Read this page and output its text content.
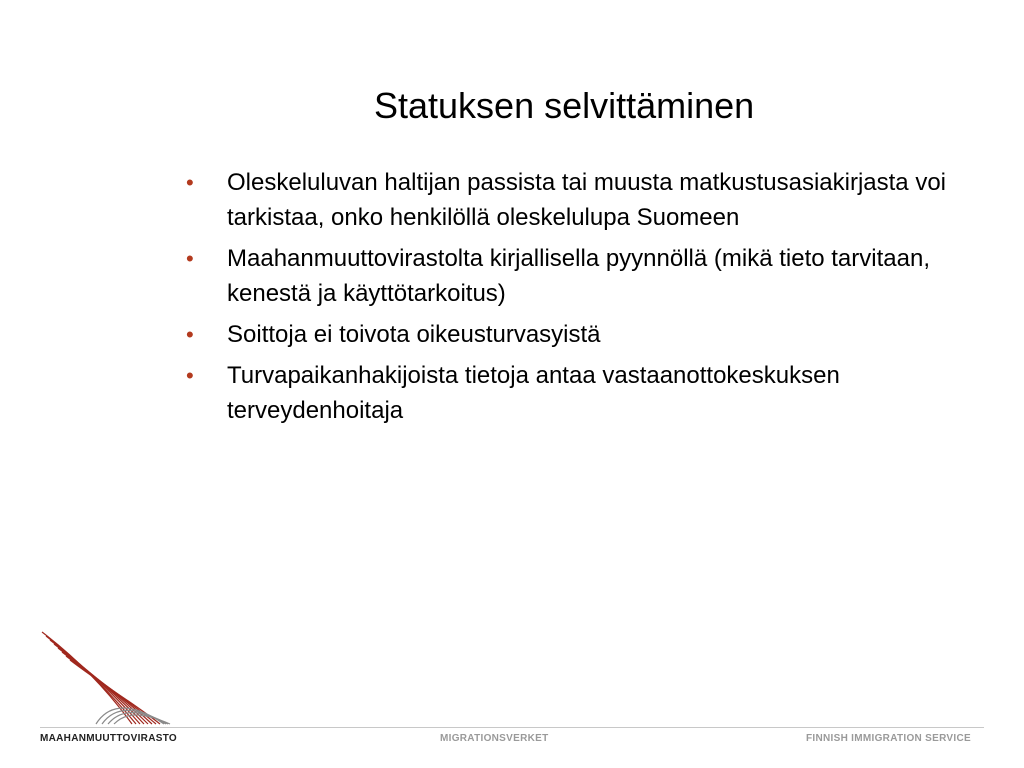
Statuksen selvittäminen
•	Oleskeluluvan haltijan passista tai muusta matkustusasiakirjasta voi tarkistaa, onko henkilöllä oleskelulupa Suomeen
•	Maahanmuuttovirastolta kirjallisella pyynnöllä (mikä tieto tarvitaan, kenestä ja käyttötarkoitus)
•	Soittoja ei toivota oikeusturvasyistä
•	Turvapaikanhakijoista tietoja antaa vastaanottokeskuksen terveydenhoitaja
MAAHANMUUTTOVIRASTO	MIGRATIONSVERKET	FINNISH IMMIGRATION SERVICE
